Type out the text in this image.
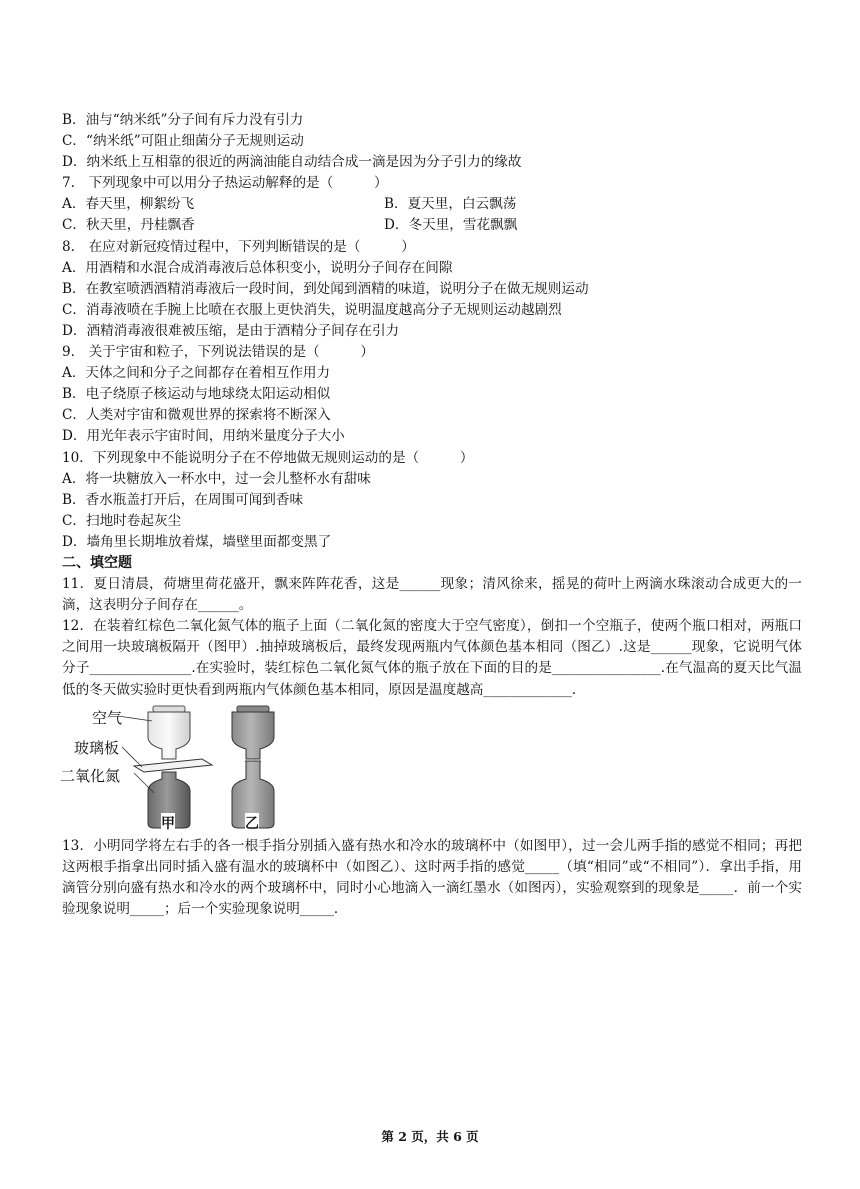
B．油与“纳米纸”分子间有斥力没有引力
C．“纳米纸”可阻止细菌分子无规则运动
D．纳米纸上互相靠的很近的两滴油能自动结合成一滴是因为分子引力的缘故
7.　下列现象中可以用分子热运动解释的是（　　　）
A．春天里，柳絮纷飞	B．夏天里，白云飘荡
C．秋天里，丹桂飘香	D．冬天里，雪花飘飘
8.　在应对新冠疫情过程中，下列判断错误的是（　　　）
A．用酒精和水混合成消毒液后总体积变小，说明分子间存在间隙
B．在教室喷洒酒精消毒液后一段时间，到处闻到酒精的味道，说明分子在做无规则运动
C．消毒液喷在手腕上比喷在衣服上更快消失，说明温度越高分子无规则运动越剧烈
D．酒精消毒液很难被压缩，是由于酒精分子间存在引力
9.　关于宇宙和粒子，下列说法错误的是（　　　）
A．天体之间和分子之间都存在着相互作用力
B．电子绕原子核运动与地球绕太阳运动相似
C．人类对宇宙和微观世界的探索将不断深入
D．用光年表示宇宙时间，用纳米量度分子大小
10．下列现象中不能说明分子在不停地做无规则运动的是（　　　）
A．将一块糖放入一杯水中，过一会儿整杯水有甜味
B．香水瓶盖打开后，在周围可闻到香味
C．扫地时卷起灰尘
D．墙角里长期堆放着煤，墙壁里面都变黑了
二、填空题
11．夏日清晨，荷塘里荷花盛开，飘来阵阵花香，这是______现象；清风徐来，摇晃的荷叶上两滴水珠滚动合成更大的一滴，这表明分子间存在______。
12．在装着红棕色二氧化氮气体的瓶子上面（二氧化氮的密度大于空气密度），倒扣一个空瓶子，使两个瓶口相对，两瓶口之间用一块玻璃板隔开（图甲）.抽掉玻璃板后，最终发现两瓶内气体颜色基本相同（图乙）.这是______现象，它说明气体分子_______________.在实验时，装红棕色二氧化氮气体的瓶子放在下面的目的是________________.在气温高的夏天比气温低的冬天做实验时更快看到两瓶内气体颜色基本相同，原因是温度越高_____________.
空气
玻璃板
二氧化氮
甲	乙
13．小明同学将左右手的各一根手指分别插入盛有热水和冷水的玻璃杯中（如图甲），过一会儿两手指的感觉不相同；再把这两根手指拿出同时插入盛有温水的玻璃杯中（如图乙）、这时两手指的感觉_____（填“相同”或“不相同”）．拿出手指，用滴管分别向盛有热水和冷水的两个玻璃杯中，同时小心地滴入一滴红墨水（如图丙），实验观察到的现象是_____．前一个实验现象说明_____；后一个实验现象说明_____．
第 2 页，共 6 页
